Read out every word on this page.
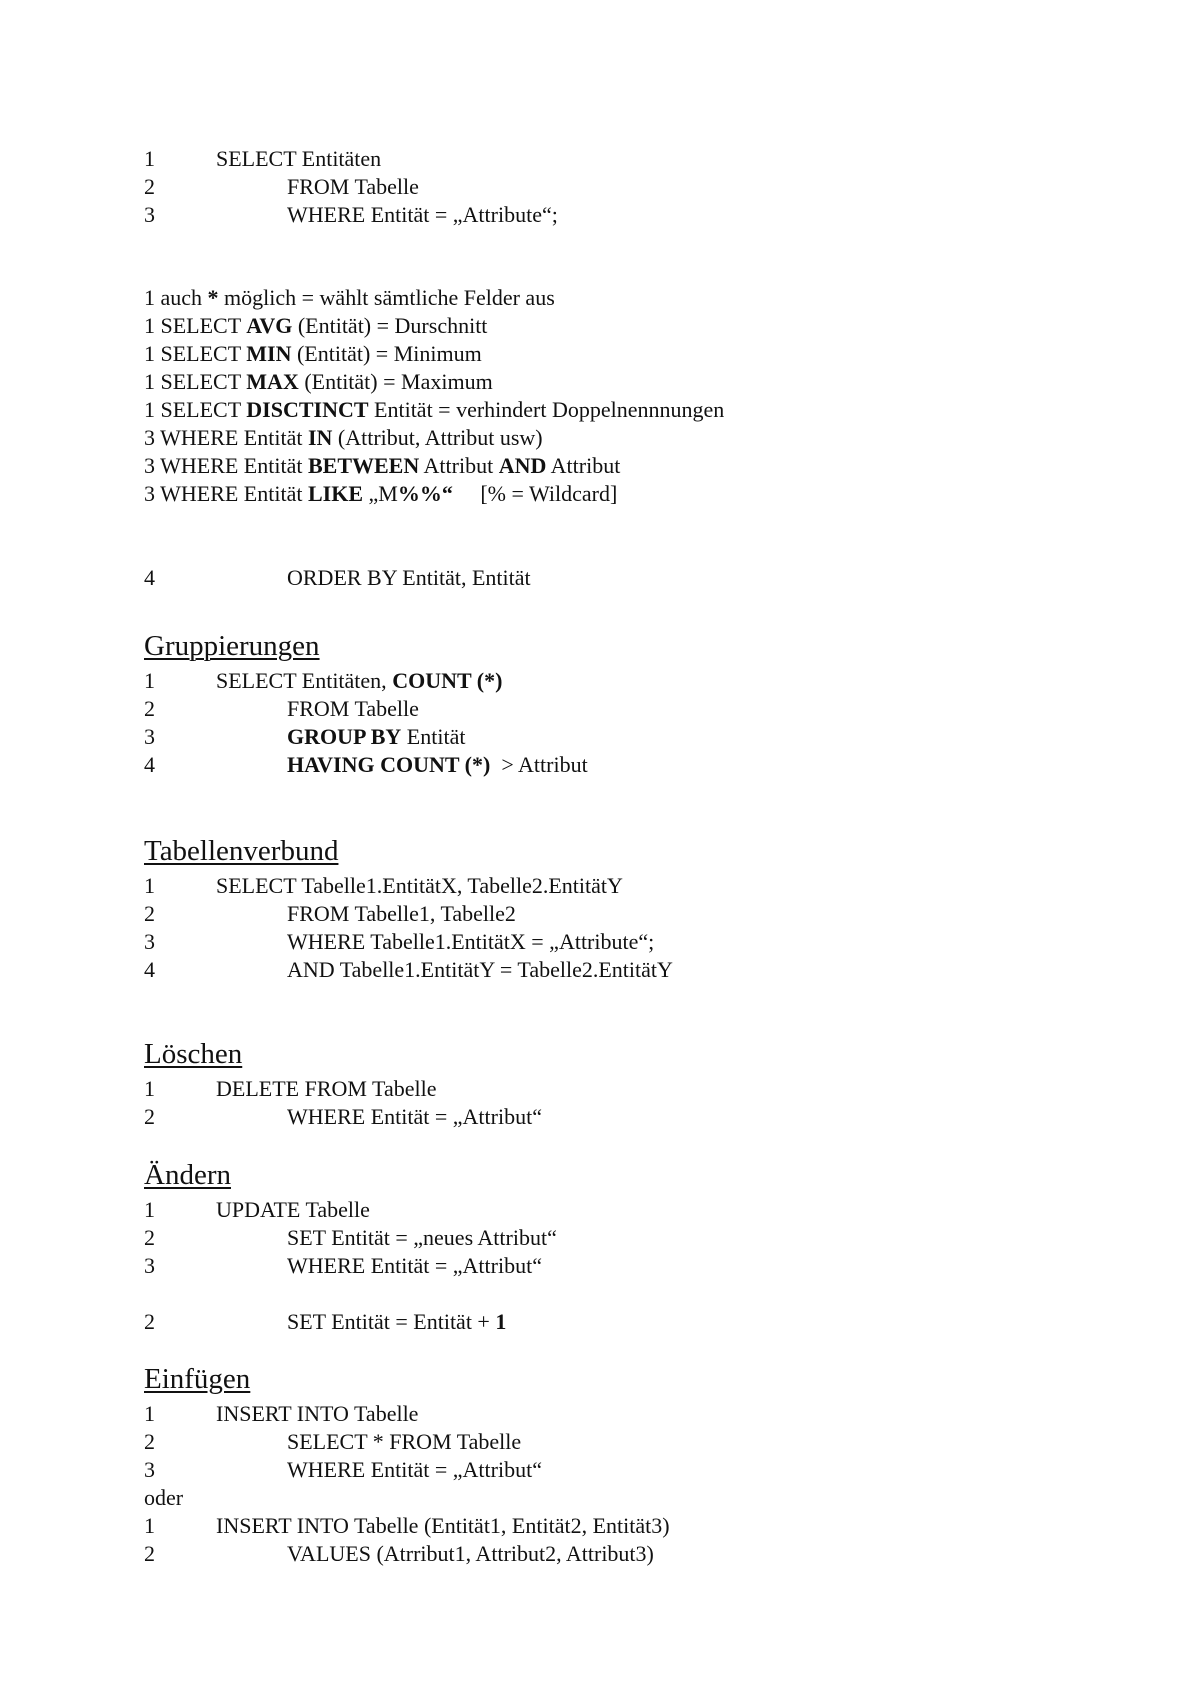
1	SELECT Entitäten
2	FROM Tabelle
3	WHERE Entität = „Attribute“;
1 auch * möglich = wählt sämtliche Felder aus
1 SELECT AVG (Entität) = Durschnitt
1 SELECT MIN (Entität) = Minimum
1 SELECT MAX (Entität) = Maximum
1 SELECT DISCTINCT Entität = verhindert Doppelnennnungen
3 WHERE Entität IN (Attribut, Attribut usw)
3 WHERE Entität BETWEEN Attribut AND Attribut
3 WHERE Entität LIKE „M%%“     [% = Wildcard]
4	ORDER BY Entität, Entität
Gruppierungen
1	SELECT Entitäten, COUNT (*)
2	FROM Tabelle
3	GROUP BY Entität
4	HAVING COUNT (*)  > Attribut
Tabellenverbund
1	SELECT Tabelle1.EntitätX, Tabelle2.EntitätY
2	FROM Tabelle1, Tabelle2
3	WHERE Tabelle1.EntitätX = „Attribute“;
4	AND Tabelle1.EntitätY = Tabelle2.EntitätY
Löschen
1	DELETE FROM Tabelle
2	WHERE Entität = „Attribut“
Ändern
1	UPDATE Tabelle
2	SET Entität = „neues Attribut“
3	WHERE Entität = „Attribut“
2	SET Entität = Entität + 1
Einfügen
1	INSERT INTO Tabelle
2	SELECT * FROM Tabelle
3	WHERE Entität = „Attribut“
oder
1	INSERT INTO Tabelle (Entität1, Entität2, Entität3)
2	VALUES (Atrribut1, Attribut2, Attribut3)
